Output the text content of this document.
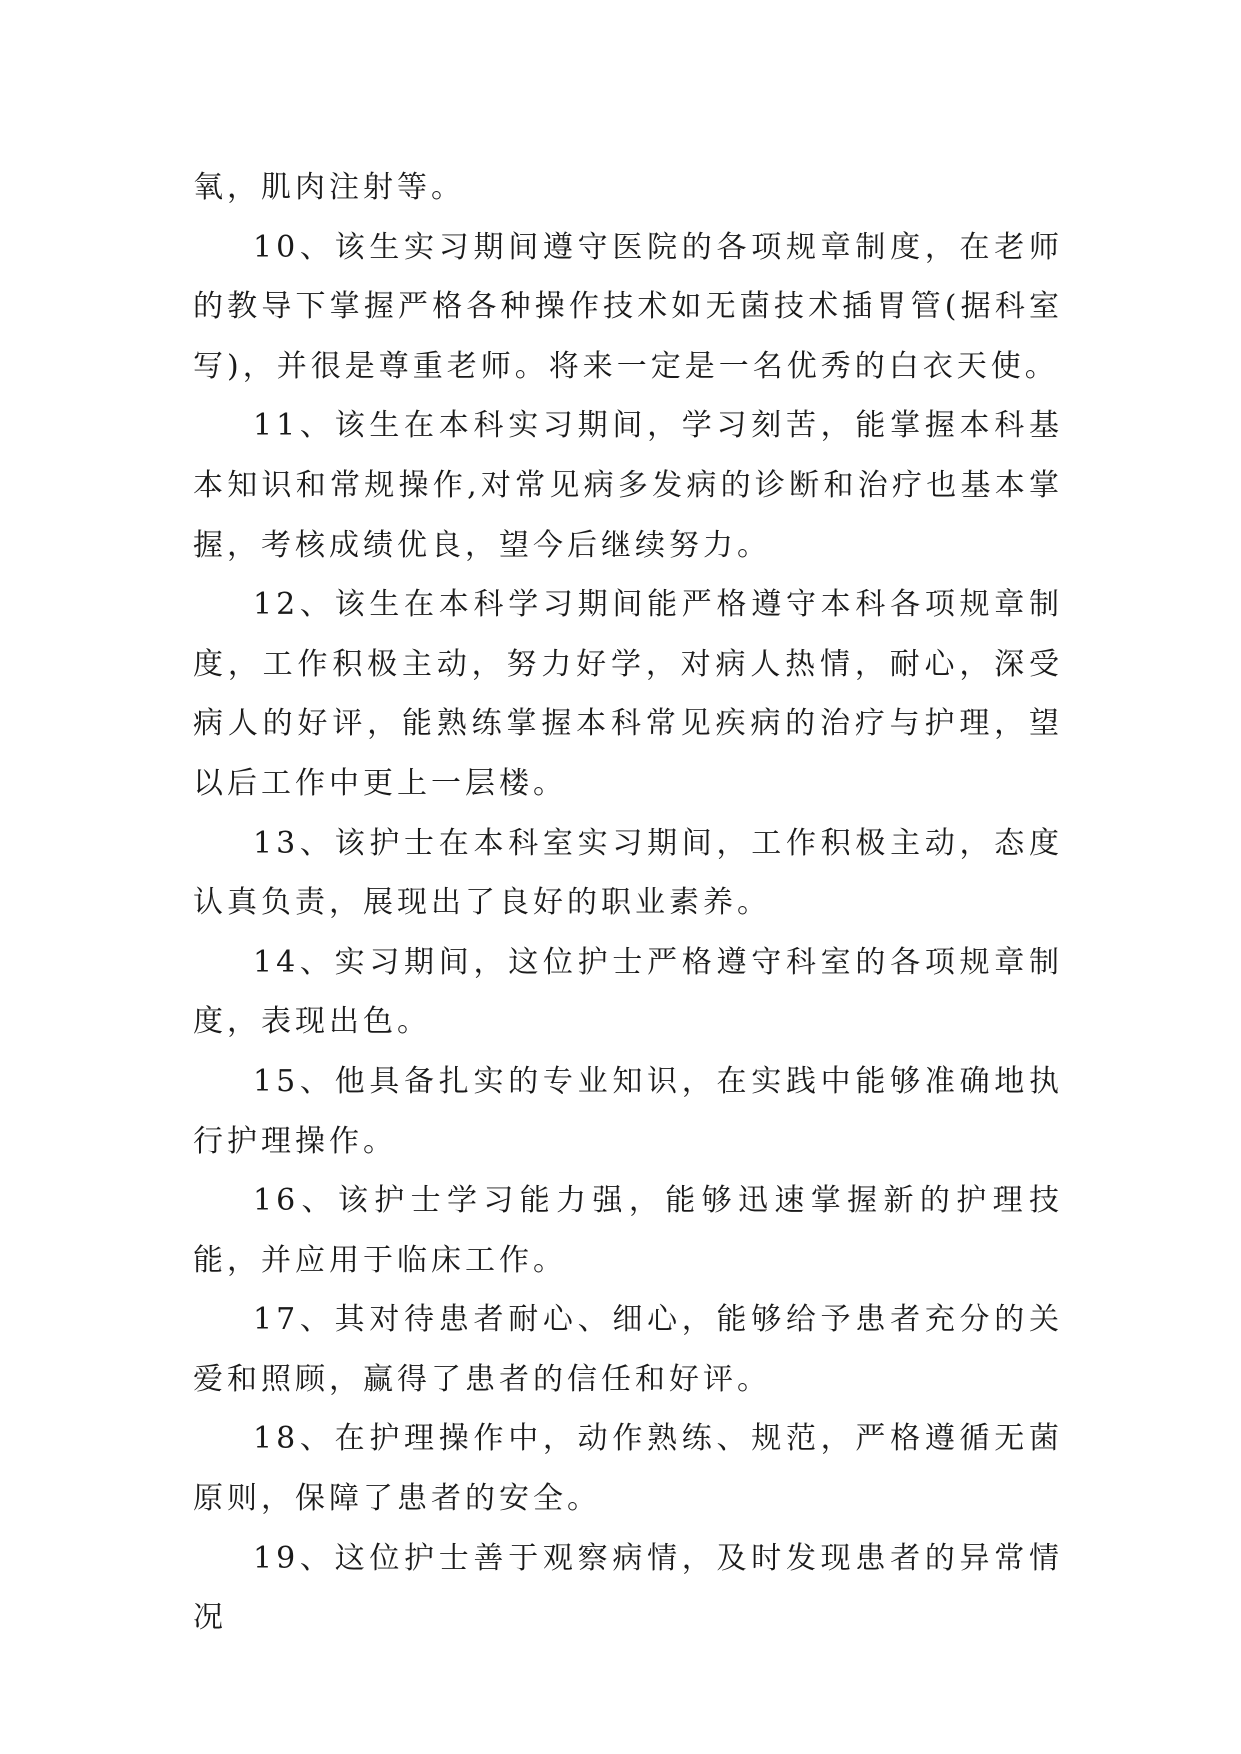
氧，肌肉注射等。

10、该生实习期间遵守医院的各项规章制度，在老师的教导下掌握严格各种操作技术如无菌技术插胃管(据科室写)，并很是尊重老师。将来一定是一名优秀的白衣天使。

11、该生在本科实习期间，学习刻苦，能掌握本科基本知识和常规操作,对常见病多发病的诊断和治疗也基本掌握，考核成绩优良，望今后继续努力。

12、该生在本科学习期间能严格遵守本科各项规章制度，工作积极主动，努力好学，对病人热情，耐心，深受病人的好评，能熟练掌握本科常见疾病的治疗与护理，望以后工作中更上一层楼。

13、该护士在本科室实习期间，工作积极主动，态度认真负责，展现出了良好的职业素养。

14、实习期间，这位护士严格遵守科室的各项规章制度，表现出色。

15、他具备扎实的专业知识，在实践中能够准确地执行护理操作。

16、该护士学习能力强，能够迅速掌握新的护理技能，并应用于临床工作。

17、其对待患者耐心、细心，能够给予患者充分的关爱和照顾，赢得了患者的信任和好评。

18、在护理操作中，动作熟练、规范，严格遵循无菌原则，保障了患者的安全。

19、这位护士善于观察病情，及时发现患者的异常情况
